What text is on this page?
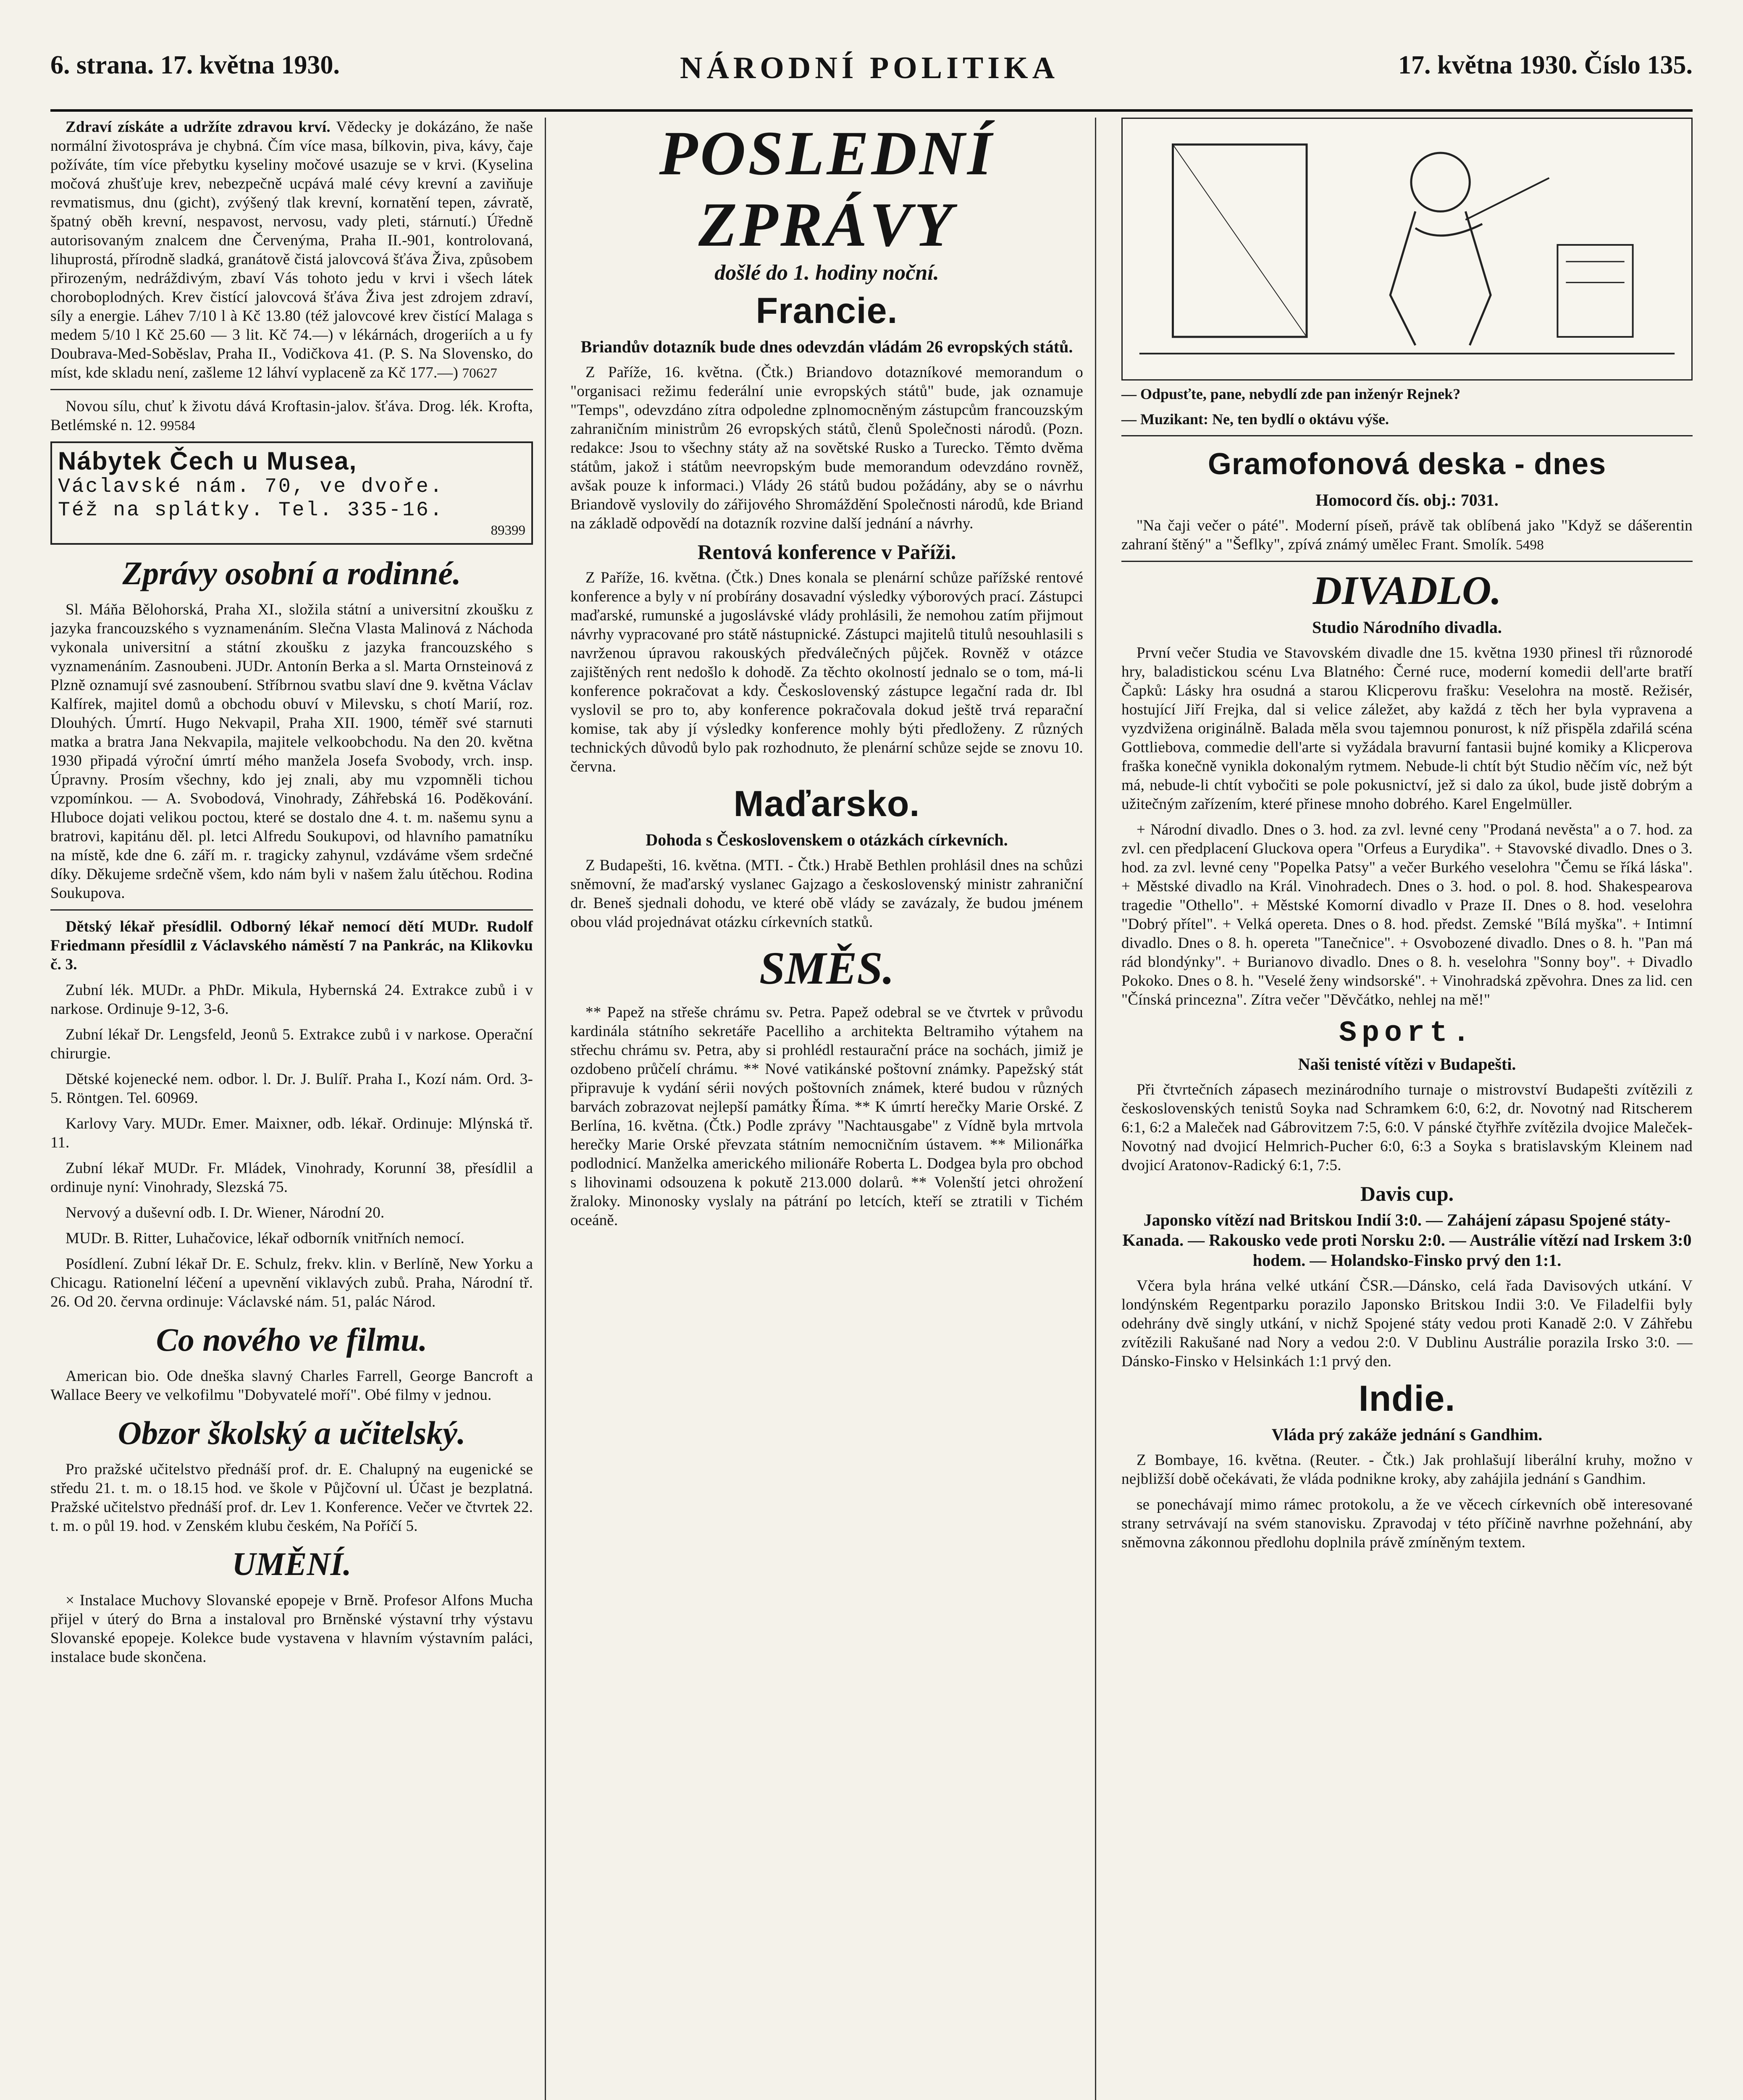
6. strana. 17. května 1930.	NÁRODNÍ POLITIKA	17. května 1930. Číslo 135.

Zdraví získáte a udržíte zdravou krví. Vědecky je dokázáno, že naše normální životospráva je chybná. Čím více masa, bílkovin, piva, kávy, čaje požíváte, tím více přebytku kyseliny močové usazuje se v krvi. (Kyselina močová zhušťuje krev, nebezpečně ucpává malé cévy krevní a zaviňuje revmatismus, dnu (gicht), zvýšený tlak krevní, kornatění tepen, závratě, špatný oběh krevní, nespavost, nervosu, vady pleti, stárnutí.) Úředně autorisovaným znalcem dne Červenýma, Praha II.-901, kontrolovaná, lihuprostá, přírodně sladká, granátově čistá jalovcová šťáva Živa, způsobem přirozeným, nedráždivým, zbaví Vás tohoto jedu v krvi i všech látek choroboplodných. Krev čistící jalovcová šťáva Živa jest zdrojem zdraví, síly a energie. Láhev 7/10 l à Kč 13.80 (též jalovcové krev čistící Malaga s medem 5/10 l Kč 25.60 — 3 lit. Kč 74.—) v lékárnách, drogeriích a u fy Doubrava-Med-Soběslav, Praha II., Vodičkova 41. (P. S. Na Slovensko, do míst, kde skladu není, zašleme 12 láhví vyplaceně za Kč 177.—) 70627

Novou sílu, chuť k životu dává Kroftasin-jalov. šťáva. Drog. lék. Krofta, Betlémské n. 12. 99584

Nábytek Čech u Musea,
Václavské nám. 70, ve dvoře.
Též na splátky. Tel. 335-16.
89399
Zprávy osobní a rodinné.

Sl. Máňa Bělohorská, Praha XI., složila státní a universitní zkoušku z jazyka francouzského s vyznamenáním. Slečna Vlasta Malinová z Náchoda vykonala universitní a státní zkoušku z jazyka francouzského s vyznamenáním. Zasnoubeni. JUDr. Antonín Berka a sl. Marta Ornsteinová z Plzně oznamují své zasnoubení. Stříbrnou svatbu slaví dne 9. května Václav Kalfírek, majitel domů a obchodu obuví v Milevsku, s chotí Marií, roz. Dlouhých. Úmrtí. Hugo Nekvapil, Praha XII. 1900, téměř své starnuti matka a bratra Jana Nekvapila, majitele velkoobchodu. Na den 20. května 1930 připadá výroční úmrtí mého manžela Josefa Svobody, vrch. insp. Úpravny. Prosím všechny, kdo jej znali, aby mu vzpomněli tichou vzpomínkou. — A. Svobodová, Vinohrady, Záhřebská 16. Poděkování. Hluboce dojati velikou poctou, které se dostalo dne 4. t. m. našemu synu a bratrovi, kapitánu děl. pl. letci Alfredu Soukupovi, od hlavního pamatníku na místě, kde dne 6. září m. r. tragicky zahynul, vzdáváme všem srdečné díky. Děkujeme srdečně všem, kdo nám byli v našem žalu útěchou. Rodina Soukupova.

Dětský lékař přesídlil. Odborný lékař nemocí dětí MUDr. Rudolf Friedmann přesídlil z Václavského náměstí 7 na Pankrác, na Klikovku č. 3.

Zubní lék. MUDr. a PhDr. Mikula, Hybernská 24. Extrakce zubů i v narkose. Ordinuje 9-12, 3-6.

Zubní lékař Dr. Lengsfeld, Jeonů 5. Extrakce zubů i v narkose. Operační chirurgie.

Dětské kojenecké nem. odbor. l. Dr. J. Bulíř. Praha I., Kozí nám. Ord. 3-5. Röntgen. Tel. 60969.

Karlovy Vary. MUDr. Emer. Maixner, odb. lékař. Ordinuje: Mlýnská tř. 11.

Zubní lékař MUDr. Fr. Mládek, Vinohrady, Korunní 38, přesídlil a ordinuje nyní: Vinohrady, Slezská 75.

Nervový a duševní odb. I. Dr. Wiener, Národní 20.

MUDr. B. Ritter, Luhačovice, lékař odborník vnitřních nemocí.

Posídlení. Zubní lékař Dr. E. Schulz, frekv. klin. v Berlíně, New Yorku a Chicagu. Rationelní léčení a upevnění viklavých zubů. Praha, Národní tř. 26. Od 20. června ordinuje: Václavské nám. 51, palác Národ.

Co nového ve filmu.

American bio. Ode dneška slavný Charles Farrell, George Bancroft a Wallace Beery ve velkofilmu "Dobyvatelé moří". Obé filmy v jednou.

Obzor školský a učitelský.

Pro pražské učitelstvo přednáší prof. dr. E. Chalupný na eugenické se středu 21. t. m. o 18.15 hod. ve škole v Půjčovní ul. Účast je bezplatná. Pražské učitelstvo přednáší prof. dr. Lev 1. Konference. Večer ve čtvrtek 22. t. m. o půl 19. hod. v Zenském klubu českém, Na Poříčí 5.

UMĚNÍ.

× Instalace Muchovy Slovanské epopeje v Brně. Profesor Alfons Mucha přijel v úterý do Brna a instaloval pro Brněnské výstavní trhy výstavu Slovanské epopeje. Kolekce bude vystavena v hlavním výstavním paláci, instalace bude skončena.

POSLEDNÍ ZPRÁVY
došlé do 1. hodiny noční.
Francie.
Briandův dotazník bude dnes odevzdán vládám 26 evropských států.

Z Paříže, 16. května. (Čtk.) Briandovo dotazníkové memorandum o "organisaci režimu federální unie evropských států" bude, jak oznamuje "Temps", odevzdáno zítra odpoledne zplnomocněným zástupcům francouzským zahraničním ministrům 26 evropských států, členů Společnosti národů. (Pozn. redakce: Jsou to všechny státy až na sovětské Rusko a Turecko. Těmto dvěma státům, jakož i státům neevropským bude memorandum odevzdáno rovněž, avšak pouze k informaci.) Vlády 26 států budou požádány, aby se o návrhu Briandově vyslovily do zářijového Shromáždění Společnosti národů, kde Briand na základě odpovědí na dotazník rozvine další jednání a návrhy.

Rentová konference v Paříži.

Z Paříže, 16. května. (Čtk.) Dnes konala se plenární schůze pařížské rentové konference a byly v ní probírány dosavadní výsledky výborových prací. Zástupci maďarské, rumunské a jugoslávské vlády prohlásili, že nemohou zatím přijmout návrhy vypracované pro státě nástupnické. Zástupci majitelů titulů nesouhlasili s navrženou úpravou rakouských předválečných půjček. Rovněž v otázce zajištěných rent nedošlo k dohodě. Za těchto okolností jednalo se o tom, má-li konference pokračovat a kdy. Československý zástupce legační rada dr. Ibl vyslovil se pro to, aby konference pokračovala dokud ještě trvá reparační komise, tak aby jí výsledky konference mohly býti předloženy. Z různých technických důvodů bylo pak rozhodnuto, že plenární schůze sejde se znovu 10. června.

Maďarsko.
Dohoda s Československem o otázkách církevních.

Z Budapešti, 16. května. (MTI. - Čtk.) Hrabě Bethlen prohlásil dnes na schůzi sněmovní, že maďarský vyslanec Gajzago a československý ministr zahraniční dr. Beneš sjednali dohodu, ve které obě vlády se zavázaly, že budou jménem obou vlád projednávat otázku církevních statků.

SMĚS.

** Papež na střeše chrámu sv. Petra. Papež odebral se ve čtvrtek v průvodu kardinála státního sekretáře Pacelliho a architekta Beltramiho výtahem na střechu chrámu sv. Petra, aby si prohlédl restaurační práce na sochách, jimiž je ozdobeno průčelí chrámu. ** Nové vatikánské poštovní známky. Papežský stát připravuje k vydání sérii nových poštovních známek, které budou v různých barvách zobrazovat nejlepší památky Říma. ** K úmrtí herečky Marie Orské. Z Berlína, 16. května. (Čtk.) Podle zprávy "Nachtausgabe" z Vídně byla mrtvola herečky Marie Orské převzata státním nemocničním ústavem. ** Milionářka podlodnicí. Manželka amerického milionáře Roberta L. Dodgea byla pro obchod s lihovinami odsouzena k pokutě 213.000 dolarů. ** Volenští jetci ohrožení žraloky. Minonosky vyslaly na pátrání po letcích, kteří se ztratili v Tichém oceáně.

— Odpusťte, pane, nebydlí zde pan inženýr Rejnek?
— Muzikant: Ne, ten bydlí o oktávu výše.
Gramofonová deska - dnes
Homocord čís. obj.: 7031.

"Na čaji večer o páté". Moderní píseň, právě tak oblíbená jako "Když se dášerentin zahraní štěný" a "Šeflky", zpívá známý umělec Frant. Smolík. 5498

DIVADLO.
Studio Národního divadla.

První večer Studia ve Stavovském divadle dne 15. května 1930 přinesl tři různorodé hry, baladistickou scénu Lva Blatného: Černé ruce, moderní komedii dell'arte bratří Čapků: Lásky hra osudná a starou Klicperovu frašku: Veselohra na mostě. Režisér, hostující Jiří Frejka, dal si velice záležet, aby každá z těch her byla vypravena a vyzdvižena originálně. Balada měla svou tajemnou ponurost, k níž přispěla zdařilá scéna Gottliebova, commedie dell'arte si vyžádala bravurní fantasii bujné komiky a Klicperova fraška konečně vynikla dokonalým rytmem. Nebude-li chtít být Studio něčím víc, než být má, nebude-li chtít vybočiti se pole pokusnictví, jež si dalo za úkol, bude jistě dobrým a užitečným zařízením, které přinese mnoho dobrého. Karel Engelmüller.

+ Národní divadlo. Dnes o 3. hod. za zvl. levné ceny "Prodaná nevěsta" a o 7. hod. za zvl. cen předplacení Gluckova opera "Orfeus a Eurydika". + Stavovské divadlo. Dnes o 3. hod. za zvl. levné ceny "Popelka Patsy" a večer Burkého veselohra "Čemu se říká láska". + Městské divadlo na Král. Vinohradech. Dnes o 3. hod. o pol. 8. hod. Shakespearova tragedie "Othello". + Městské Komorní divadlo v Praze II. Dnes o 8. hod. veselohra "Dobrý přítel". + Velká opereta. Dnes o 8. hod. předst. Zemské "Bílá myška". + Intimní divadlo. Dnes o 8. h. opereta "Tanečnice". + Osvobozené divadlo. Dnes o 8. h. "Pan má rád blondýnky". + Burianovo divadlo. Dnes o 8. h. veselohra "Sonny boy". + Divadlo Pokoko. Dnes o 8. h. "Veselé ženy windsorské". + Vinohradská zpěvohra. Dnes za lid. cen "Čínská princezna". Zítra večer "Děvčátko, nehlej na mě!"

Sport.
Naši tenisté vítězi v Budapešti.

Při čtvrtečních zápasech mezinárodního turnaje o mistrovství Budapešti zvítězili z československých tenistů Soyka nad Schramkem 6:0, 6:2, dr. Novotný nad Ritscherem 6:1, 6:2 a Maleček nad Gábrovitzem 7:5, 6:0. V pánské čtyřhře zvítězila dvojice Maleček-Novotný nad dvojicí Helmrich-Pucher 6:0, 6:3 a Soyka s bratislavským Kleinem nad dvojicí Aratonov-Radický 6:1, 7:5.

Davis cup.
Japonsko vítězí nad Britskou Indií 3:0. — Zahájení zápasu Spojené státy-Kanada. — Rakousko vede proti Norsku 2:0. — Austrálie vítězí nad Irskem 3:0 hodem. — Holandsko-Finsko prvý den 1:1.

Včera byla hrána velké utkání ČSR.—Dánsko, celá řada Davisových utkání. V londýnském Regentparku porazilo Japonsko Britskou Indii 3:0. Ve Filadelfii byly odehrány dvě singly utkání, v nichž Spojené státy vedou proti Kanadě 2:0. V Záhřebu zvítězili Rakušané nad Nory a vedou 2:0. V Dublinu Austrálie porazila Irsko 3:0. — Dánsko-Finsko v Helsinkách 1:1 prvý den.

Indie.
Vláda prý zakáže jednání s Gandhim.

Z Bombaye, 16. května. (Reuter. - Čtk.) Jak prohlašují liberální kruhy, možno v nejbližší době očekávati, že vláda podnikne kroky, aby zahájila jednání s Gandhim.

se ponechávají mimo rámec protokolu, a že ve věcech církevních obě interesované strany setrvávají na svém stanovisku. Zpravodaj v této příčině navrhne požehnání, aby sněmovna zákonnou předlohu doplnila právě zmíněným textem.
